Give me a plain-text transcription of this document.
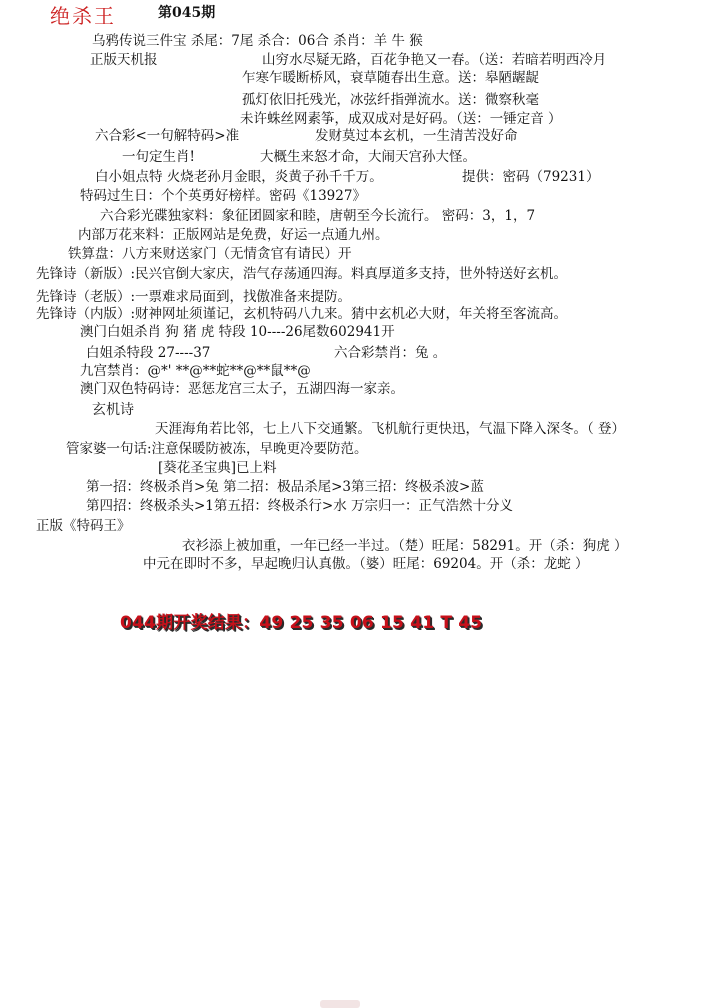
绝杀王	第045期
乌鸦传说三件宝 杀尾：7尾 杀合：06合 杀肖：羊 牛 猴
正版天机报	山穷水尽疑无路，百花争艳又一春。（送：若暗若明西冷月
乍寒乍暖断桥风，衰草随春出生意。送：皋陋龌龊
孤灯依旧托残光，冰弦纤指弹流水。送：微察秋毫
未许蛛丝网素筝，成双成对是好码。（送：一锤定音 ）
六合彩<一句解特码>准	发财莫过本玄机，一生清苦没好命
一句定生肖!	大概生来怒才命，大闹天宫孙大怪。
白小姐点特 火烧老孙月金眼，炎黄子孙千千万。	提供：密码（79231）
特码过生日：个个英勇好榜样。密码《13927》
六合彩光碟独家料：象征团圆家和睦，唐朝至今长流行。 密码：3，1，7
内部万花来料：正版网站是免费，好运一点通九州。
铁算盘：八方来财送家门（无情贪官有请民）开
先锋诗（新版）:民兴官倒大家庆，浩气存荡通四海。料真厚道多支持，世外特送好玄机。
先锋诗（老版）:一票难求局面到，找傲准备来提防。
先锋诗（内版）:财神网址须谨记，玄机特码八九来。猜中玄机必大财，年关将至客流高。
澳门白姐杀肖 狗 猪 虎 特段 10----26尾数602941开
白姐杀特段 27----37	六合彩禁肖：兔 。
九宫禁肖：@*' **@**蛇**@**鼠**@
澳门双色特码诗：恶惩龙宫三太子，五湖四海一家亲。
玄机诗
天涯海角若比邻，七上八下交通繁。飞机航行更快迅，气温下降入深冬。（ 登）
管家婆一句话:注意保暖防被冻，早晚更冷要防范。
[葵花圣宝典]已上料
第一招：终极杀肖>兔 第二招：极品杀尾>3第三招：终极杀波>蓝
第四招：终极杀头>1第五招：终极杀行>水 万宗归一：正气浩然十分义
正版《特码王》
衣衫添上被加重，一年已经一半过。（楚）旺尾：58291。开（杀：狗虎 ）
中元在即时不多，早起晚归认真傲。（婆）旺尾：69204。开（杀：龙蛇 ）
044期开奖结果：49 25 35 06 15 41 T 45
